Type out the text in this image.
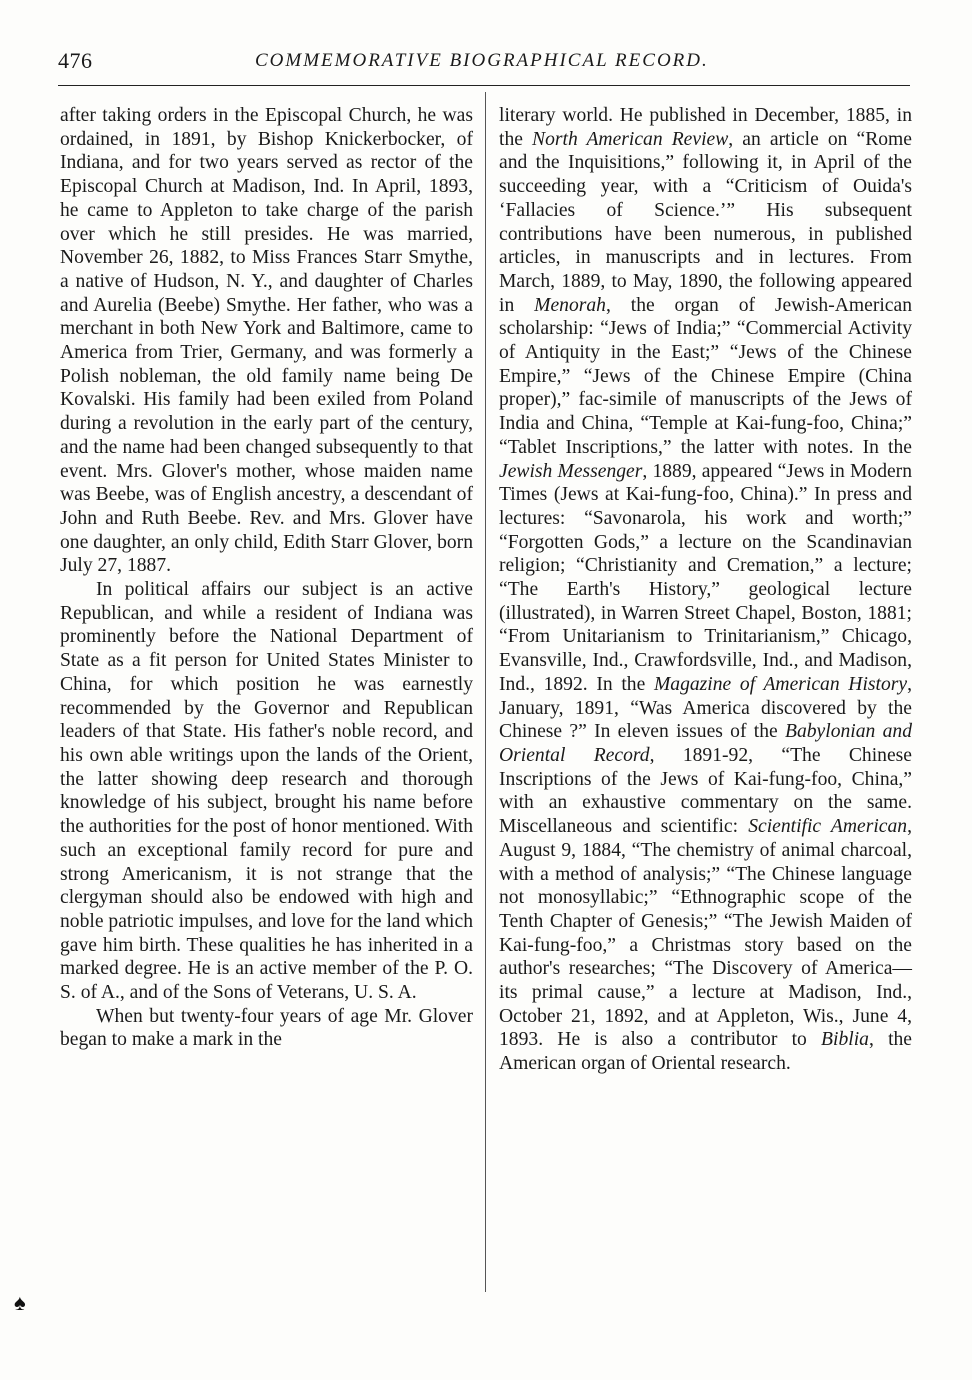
476	COMMEMORATIVE BIOGRAPHICAL RECORD.

after taking orders in the Episcopal Church, he was ordained, in 1891, by Bishop Knickerbocker, of Indiana, and for two years served as rector of the Episcopal Church at Madison, Ind. In April, 1893, he came to Appleton to take charge of the parish over which he still presides. He was married, November 26, 1882, to Miss Frances Starr Smythe, a native of Hudson, N. Y., and daughter of Charles and Aurelia (Beebe) Smythe. Her father, who was a merchant in both New York and Baltimore, came to America from Trier, Germany, and was formerly a Polish nobleman, the old family name being De Kovalski. His family had been exiled from Poland during a revolution in the early part of the century, and the name had been changed subsequently to that event. Mrs. Glover's mother, whose maiden name was Beebe, was of English ancestry, a descendant of John and Ruth Beebe. Rev. and Mrs. Glover have one daughter, an only child, Edith Starr Glover, born July 27, 1887.

In political affairs our subject is an active Republican, and while a resident of Indiana was prominently before the National Department of State as a fit person for United States Minister to China, for which position he was earnestly recommended by the Governor and Republican leaders of that State. His father's noble record, and his own able writings upon the lands of the Orient, the latter showing deep research and thorough knowledge of his subject, brought his name before the authorities for the post of honor mentioned. With such an exceptional family record for pure and strong Americanism, it is not strange that the clergyman should also be endowed with high and noble patriotic impulses, and love for the land which gave him birth. These qualities he has inherited in a marked degree. He is an active member of the P. O. S. of A., and of the Sons of Veterans, U. S. A.

When but twenty-four years of age Mr. Glover began to make a mark in the

literary world. He published in December, 1885, in the North American Review, an article on “Rome and the Inquisitions,” following it, in April of the succeeding year, with a “Criticism of Ouida's ‘Fallacies of Science.’” His subsequent contributions have been numerous, in published articles, in manuscripts and in lectures. From March, 1889, to May, 1890, the following appeared in Menorah, the organ of Jewish-American scholarship: “Jews of India;” “Commercial Activity of Antiquity in the East;” “Jews of the Chinese Empire,” “Jews of the Chinese Empire (China proper),” fac-simile of manuscripts of the Jews of India and China, “Temple at Kai-fung-foo, China;” “Tablet Inscriptions,” the latter with notes. In the Jewish Messenger, 1889, appeared “Jews in Modern Times (Jews at Kai-fung-foo, China).” In press and lectures: “Savonarola, his work and worth;” “Forgotten Gods,” a lecture on the Scandinavian religion; “Christianity and Cremation,” a lecture; “The Earth's History,” geological lecture (illustrated), in Warren Street Chapel, Boston, 1881; “From Unitarianism to Trinitarianism,” Chicago, Evansville, Ind., Crawfordsville, Ind., and Madison, Ind., 1892. In the Magazine of American History, January, 1891, “Was America discovered by the Chinese ?” In eleven issues of the Babylonian and Oriental Record, 1891-92, “The Chinese Inscriptions of the Jews of Kai-fung-foo, China,” with an exhaustive commentary on the same. Miscellaneous and scientific: Scientific American, August 9, 1884, “The chemistry of animal charcoal, with a method of analysis;” “The Chinese language not monosyllabic;” “Ethnographic scope of the Tenth Chapter of Genesis;” “The Jewish Maiden of Kai-fung-foo,” a Christmas story based on the author's researches; “The Discovery of America—its primal cause,” a lecture at Madison, Ind., October 21, 1892, and at Appleton, Wis., June 4, 1893. He is also a contributor to Biblia, the American organ of Oriental research.

♠
